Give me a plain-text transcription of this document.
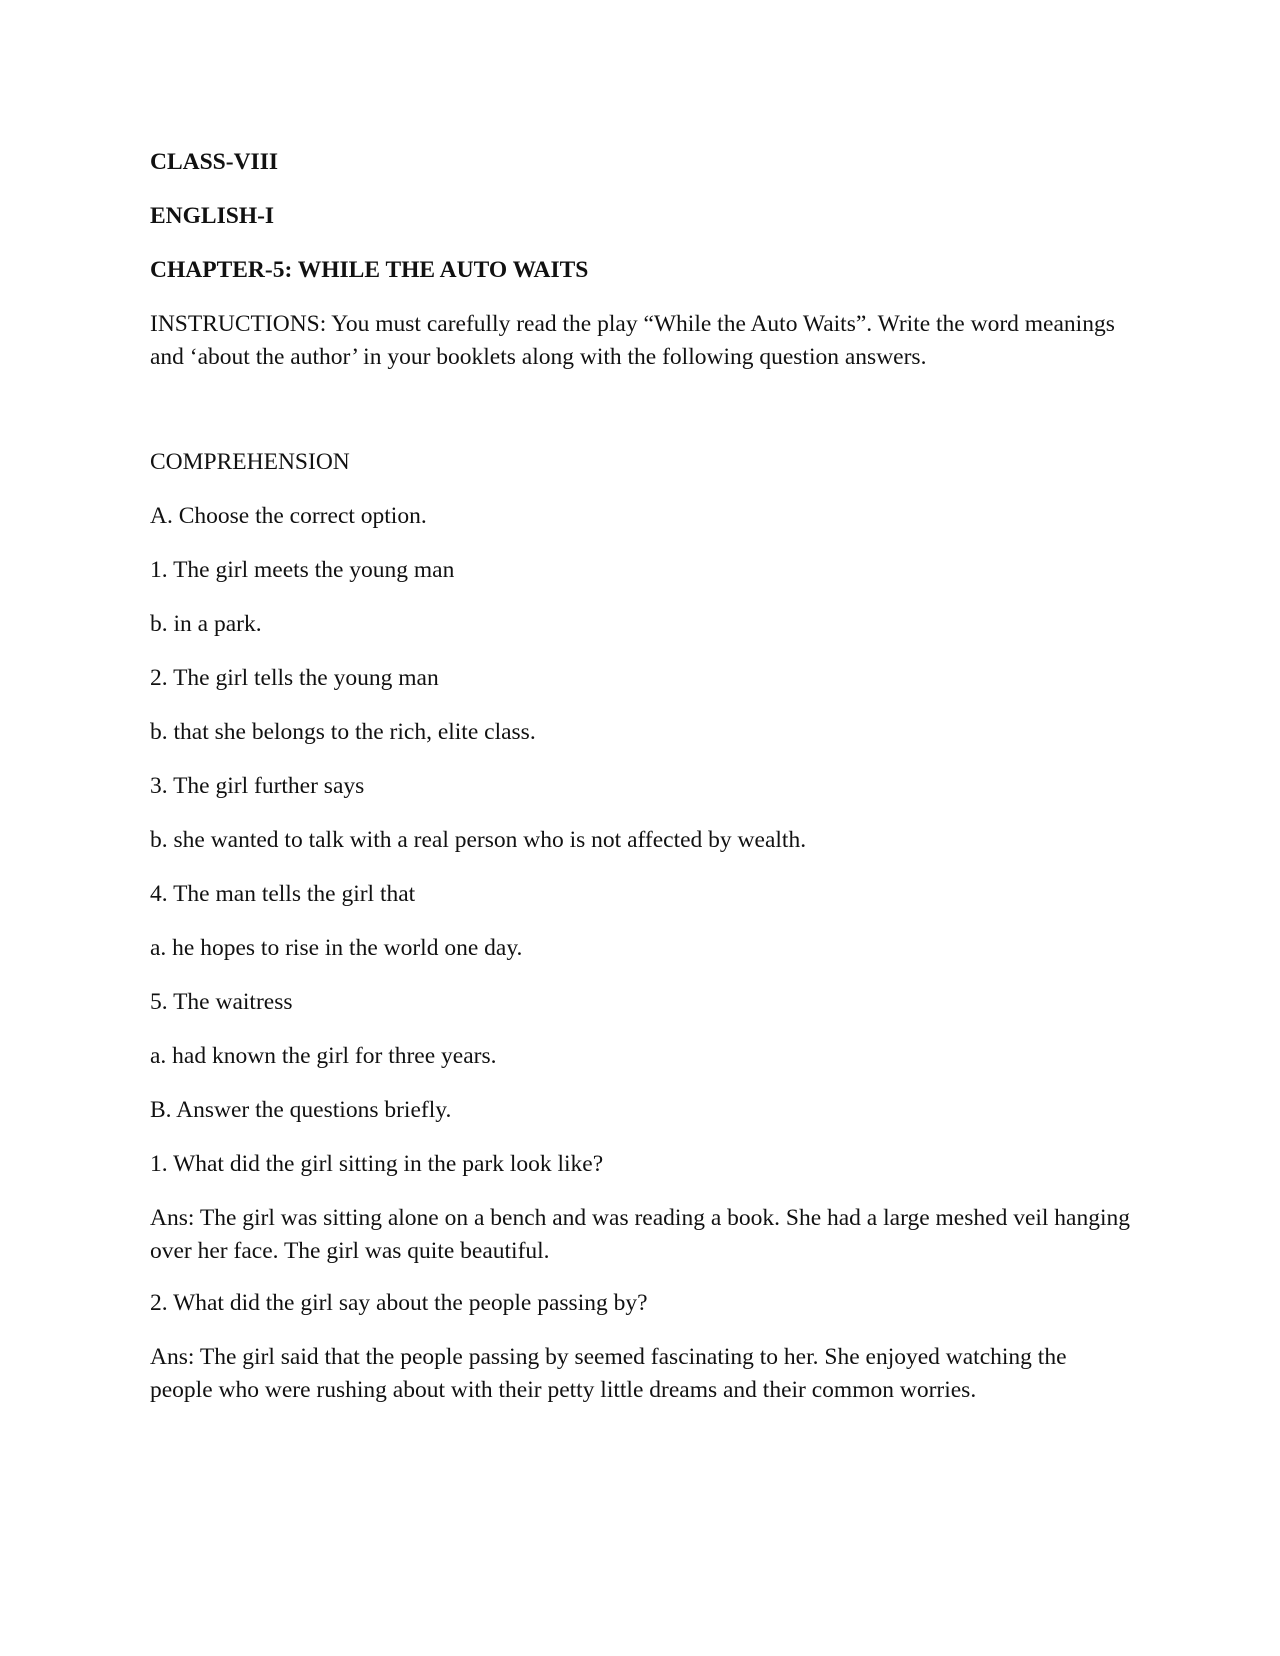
CLASS-VIII
ENGLISH-I
CHAPTER-5: WHILE THE AUTO WAITS
INSTRUCTIONS: You must carefully read the play “While the Auto Waits”. Write the word meanings and ‘about the author’ in your booklets along with the following question answers.
COMPREHENSION
A. Choose the correct option.
1. The girl meets the young man
b. in a park.
2. The girl tells the young man
b. that she belongs to the rich, elite class.
3. The girl further says
b. she wanted to talk with a real person who is not affected by wealth.
4. The man tells the girl that
a. he hopes to rise in the world one day.
5. The waitress
a. had known the girl for three years.
B. Answer the questions briefly.
1. What did the girl sitting in the park look like?
Ans: The girl was sitting alone on a bench and was reading a book. She had a large meshed veil hanging over her face. The girl was quite beautiful.
2. What did the girl say about the people passing by?
Ans: The girl said that the people passing by seemed fascinating to her. She enjoyed watching the people who were rushing about with their petty little dreams and their common worries.
